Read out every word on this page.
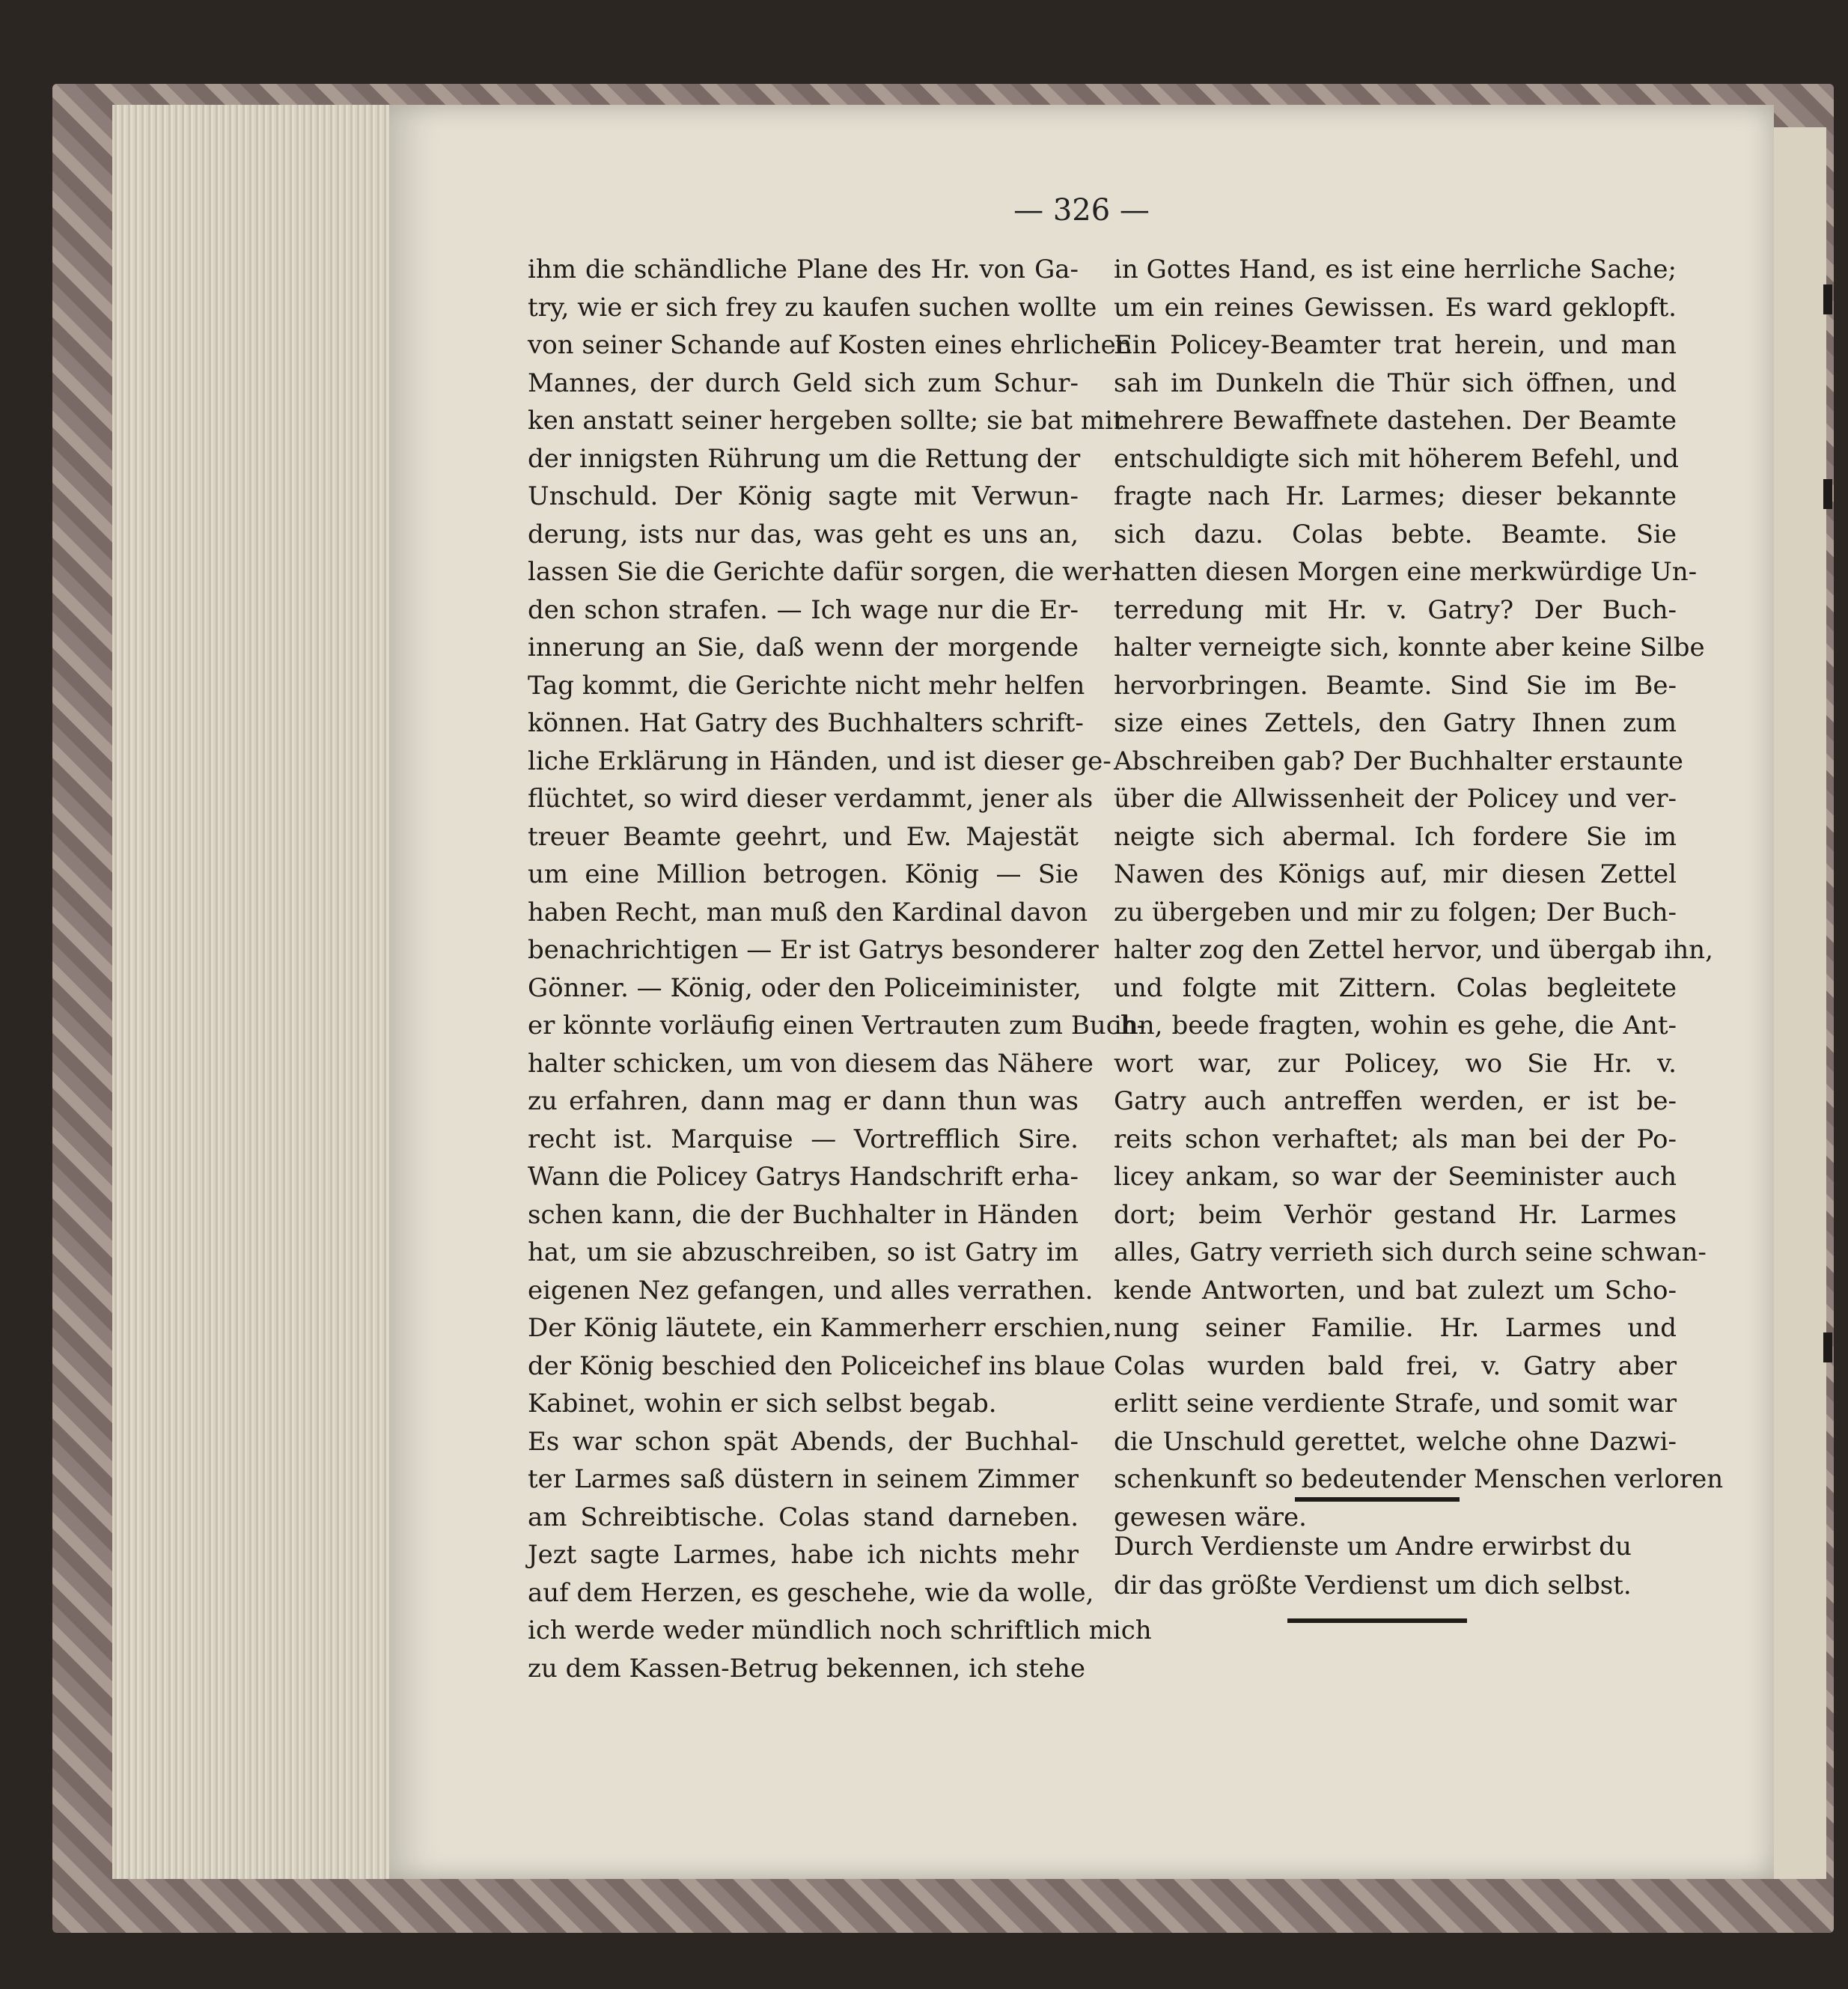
— 326 —
ihm die schändliche Plane des Hr. von Ga-
try, wie er sich frey zu kaufen suchen wollte
von seiner Schande auf Kosten eines ehrlichen
Mannes, der durch Geld sich zum Schur-
ken anstatt seiner hergeben sollte; sie bat mit
der innigsten Rührung um die Rettung der
Unschuld. Der König sagte mit Verwun-
derung, ists nur das, was geht es uns an,
lassen Sie die Gerichte dafür sorgen, die wer-
den schon strafen. — Ich wage nur die Er-
innerung an Sie, daß wenn der morgende
Tag kommt, die Gerichte nicht mehr helfen
können. Hat Gatry des Buchhalters schrift-
liche Erklärung in Händen, und ist dieser ge-
flüchtet, so wird dieser verdammt, jener als
treuer Beamte geehrt, und Ew. Majestät
um eine Million betrogen. König — Sie
haben Recht, man muß den Kardinal davon
benachrichtigen — Er ist Gatrys besonderer
Gönner. — König, oder den Policeiminister,
er könnte vorläufig einen Vertrauten zum Buch-
halter schicken, um von diesem das Nähere
zu erfahren, dann mag er dann thun was
recht ist. Marquise — Vortrefflich Sire.
Wann die Policey Gatrys Handschrift erha-
schen kann, die der Buchhalter in Händen
hat, um sie abzuschreiben, so ist Gatry im
eigenen Nez gefangen, und alles verrathen.
Der König läutete, ein Kammerherr erschien,
der König beschied den Policeichef ins blaue
Kabinet, wohin er sich selbst begab.
Es war schon spät Abends, der Buchhal-
ter Larmes saß düstern in seinem Zimmer
am Schreibtische. Colas stand darneben.
Jezt sagte Larmes, habe ich nichts mehr
auf dem Herzen, es geschehe, wie da wolle,
ich werde weder mündlich noch schriftlich mich
zu dem Kassen-Betrug bekennen, ich stehe
in Gottes Hand, es ist eine herrliche Sache;
um ein reines Gewissen. Es ward geklopft.
Ein Policey-Beamter trat herein, und man
sah im Dunkeln die Thür sich öffnen, und
mehrere Bewaffnete dastehen. Der Beamte
entschuldigte sich mit höherem Befehl, und
fragte nach Hr. Larmes; dieser bekannte
sich dazu. Colas bebte. Beamte. Sie
hatten diesen Morgen eine merkwürdige Un-
terredung mit Hr. v. Gatry? Der Buch-
halter verneigte sich, konnte aber keine Silbe
hervorbringen. Beamte. Sind Sie im Be-
size eines Zettels, den Gatry Ihnen zum
Abschreiben gab? Der Buchhalter erstaunte
über die Allwissenheit der Policey und ver-
neigte sich abermal. Ich fordere Sie im
Nawen des Königs auf, mir diesen Zettel
zu übergeben und mir zu folgen; Der Buch-
halter zog den Zettel hervor, und übergab ihn,
und folgte mit Zittern. Colas begleitete
ihn, beede fragten, wohin es gehe, die Ant-
wort war, zur Policey, wo Sie Hr. v.
Gatry auch antreffen werden, er ist be-
reits schon verhaftet; als man bei der Po-
licey ankam, so war der Seeminister auch
dort; beim Verhör gestand Hr. Larmes
alles, Gatry verrieth sich durch seine schwan-
kende Antworten, und bat zulezt um Scho-
nung seiner Familie. Hr. Larmes und
Colas wurden bald frei, v. Gatry aber
erlitt seine verdiente Strafe, und somit war
die Unschuld gerettet, welche ohne Dazwi-
schenkunft so bedeutender Menschen verloren
gewesen wäre.
Durch Verdienste um Andre erwirbst du
dir das größte Verdienst um dich selbst.
